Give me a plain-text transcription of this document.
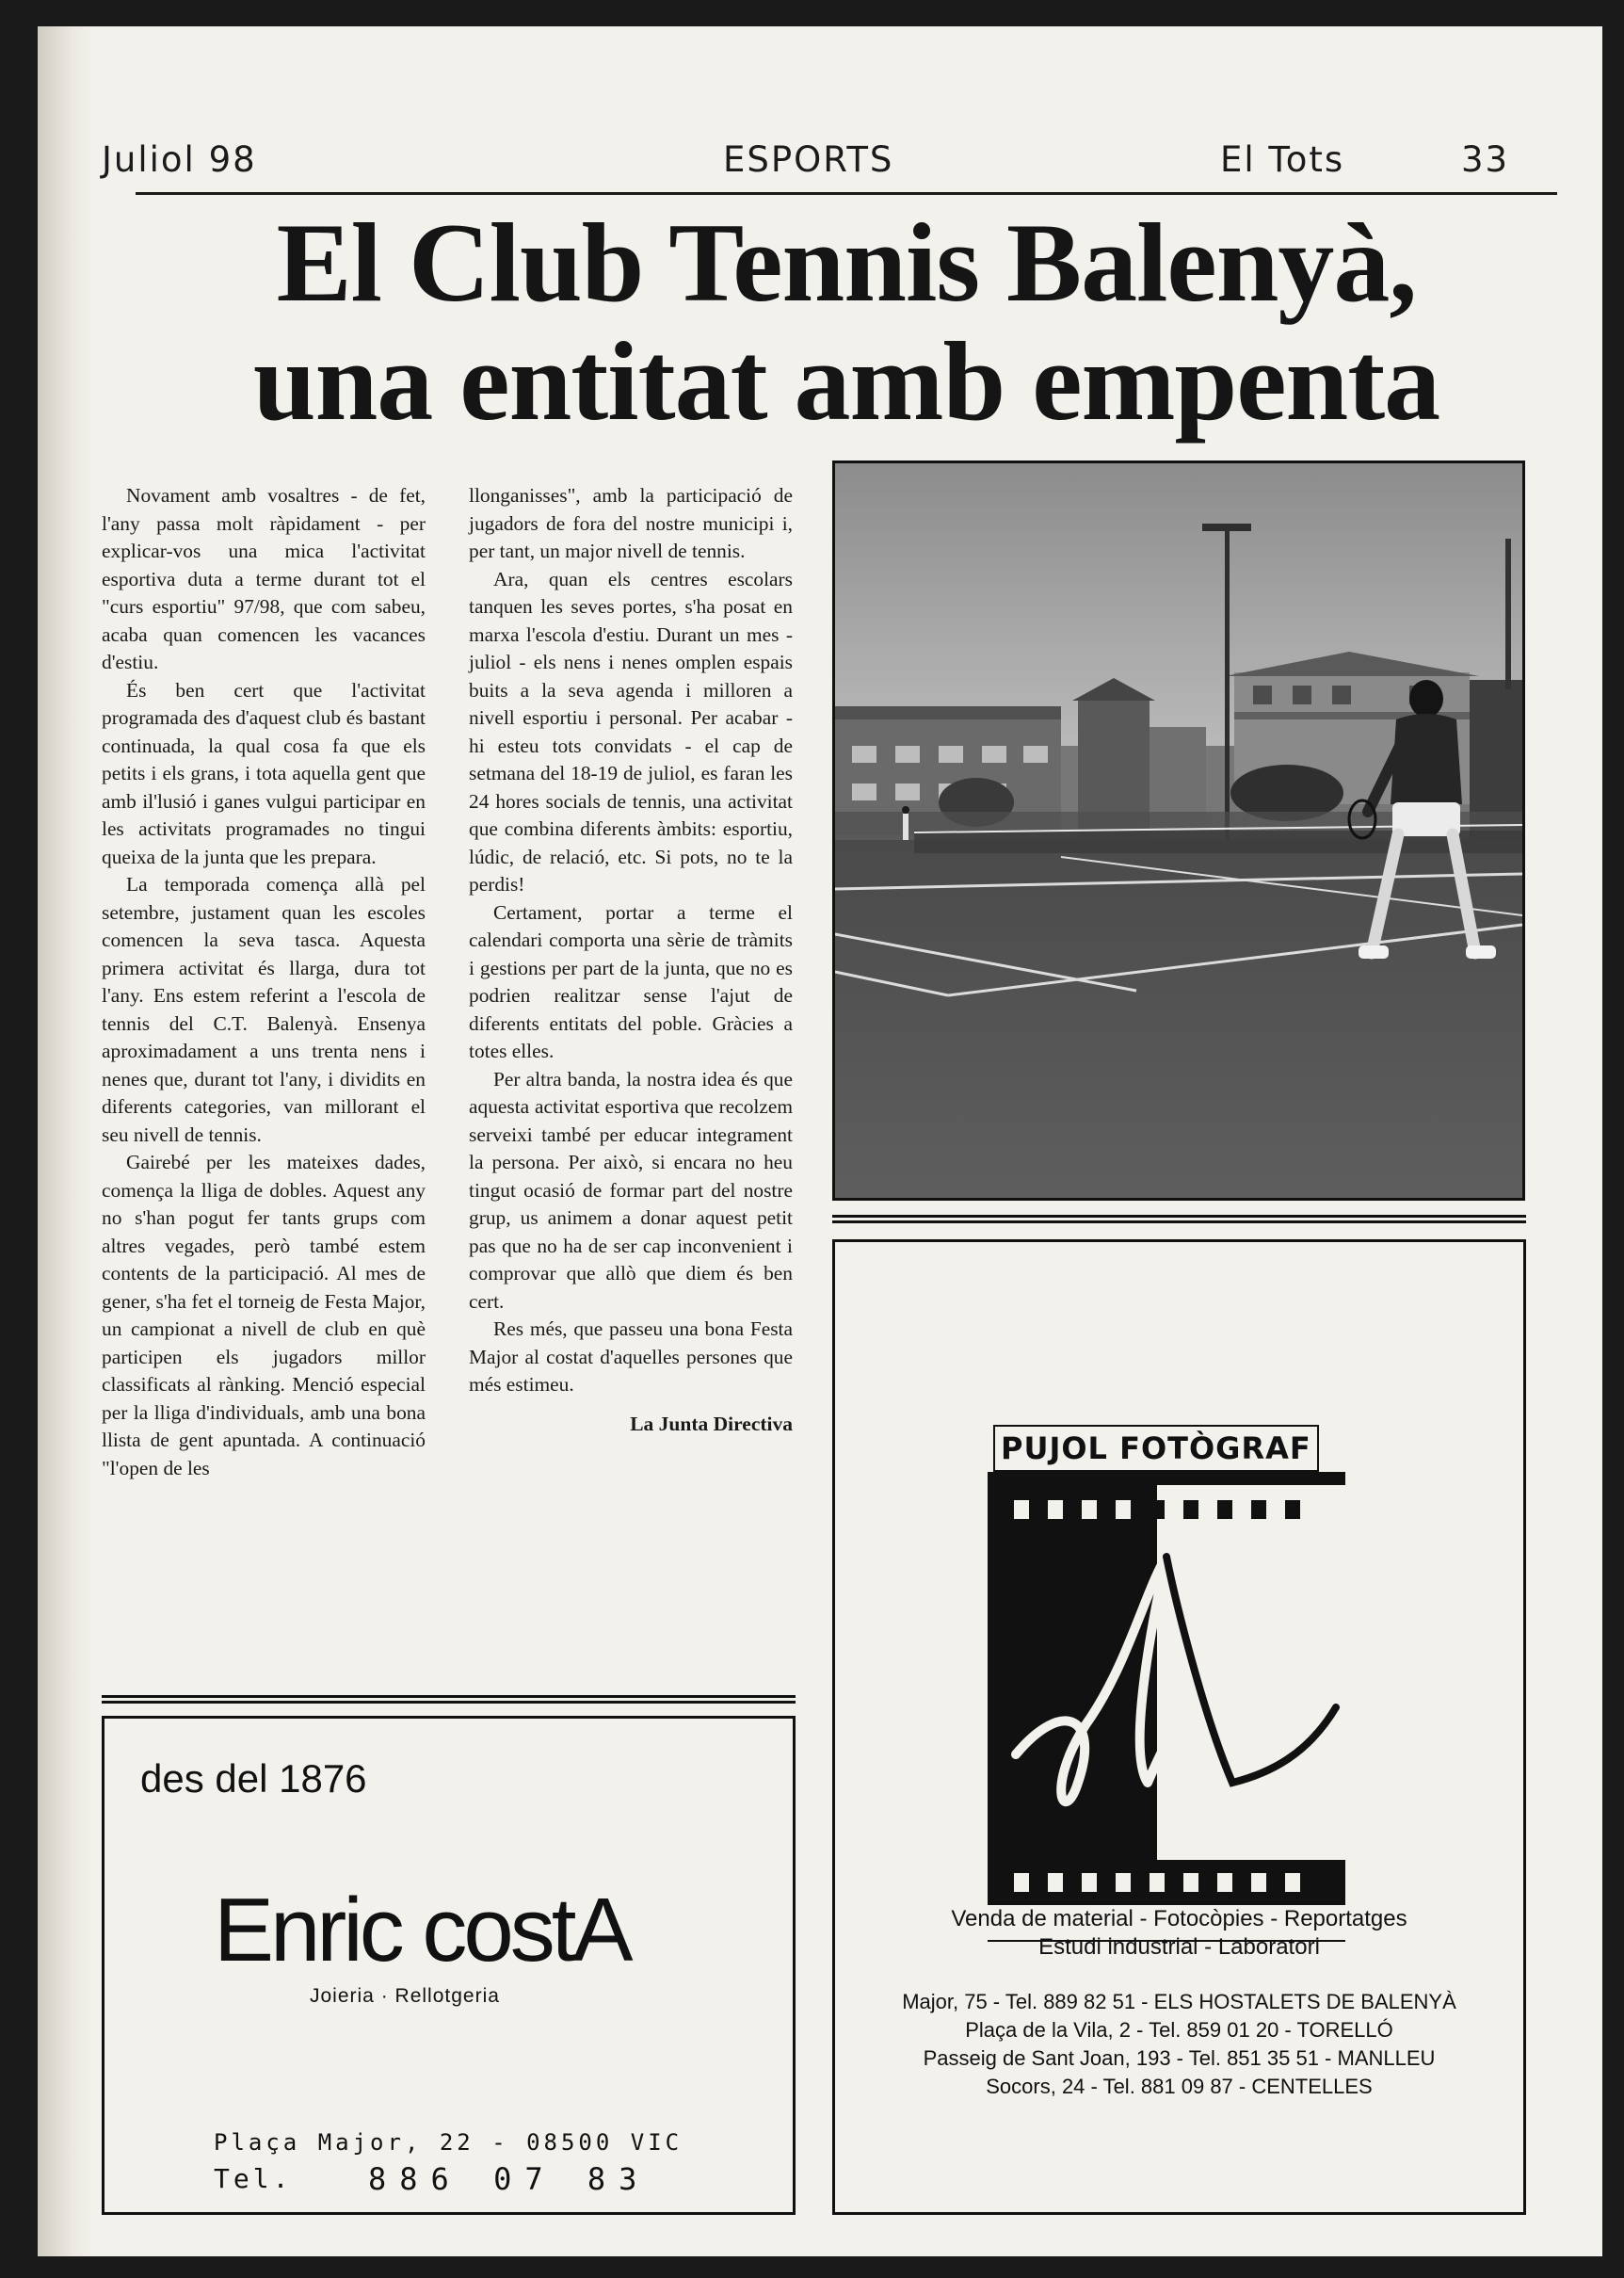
Juliol 98	ESPORTS	El Tots	33
El Club Tennis Balenyà,
una entitat amb empenta

Novament amb vosaltres - de fet, l'any passa molt ràpidament - per explicar-vos una mica l'activitat esportiva duta a terme durant tot el "curs esportiu" 97/98, que com sabeu, acaba quan comencen les vacances d'estiu.

És ben cert que l'activitat programada des d'aquest club és bastant continuada, la qual cosa fa que els petits i els grans, i tota aquella gent que amb il'lusió i ganes vulgui participar en les activitats programades no tingui queixa de la junta que les prepara.

La temporada comença allà pel setembre, justament quan les escoles comencen la seva tasca. Aquesta primera activitat és llarga, dura tot l'any. Ens estem referint a l'escola de tennis del C.T. Balenyà. Ensenya aproximadament a uns trenta nens i nenes que, durant tot l'any, i dividits en diferents categories, van millorant el seu nivell de tennis.

Gairebé per les mateixes dades, comença la lliga de dobles. Aquest any no s'han pogut fer tants grups com altres vegades, però també estem contents de la participació. Al mes de gener, s'ha fet el torneig de Festa Major, un campionat a nivell de club en què participen els jugadors millor classificats al rànking. Menció especial per la lliga d'individuals, amb una bona llista de gent apuntada. A continuació "l'open de les

llonganisses", amb la participació de jugadors de fora del nostre municipi i, per tant, un major nivell de tennis.

Ara, quan els centres escolars tanquen les seves portes, s'ha posat en marxa l'escola d'estiu. Durant un mes - juliol - els nens i nenes omplen espais buits a la seva agenda i milloren a nivell esportiu i personal. Per acabar - hi esteu tots convidats - el cap de setmana del 18-19 de juliol, es faran les 24 hores socials de tennis, una activitat que combina diferents àmbits: esportiu, lúdic, de relació, etc. Si pots, no te la perdis!

Certament, portar a terme el calendari comporta una sèrie de tràmits i gestions per part de la junta, que no es podrien realitzar sense l'ajut de diferents entitats del poble. Gràcies a totes elles.

Per altra banda, la nostra idea és que aquesta activitat esportiva que recolzem serveixi també per educar integrament la persona. Per això, si encara no heu tingut ocasió de formar part del nostre grup, us animem a donar aquest petit pas que no ha de ser cap inconvenient i comprovar que allò que diem és ben cert.

Res més, que passeu una bona Festa Major al costat d'aquelles persones que més estimeu.

La Junta Directiva
des del 1876
Enric costA
Joieria · Rellotgeria
Plaça Major, 22 - 08500 VIC
Tel.	886 07 83
PUJOL FOTÒGRAF
Venda de material - Fotocòpies - Reportatges
Estudi industrial - Laboratori
Major, 75 - Tel. 889 82 51 - ELS HOSTALETS DE BALENYÀ
Plaça de la Vila, 2 - Tel. 859 01 20 - TORELLÓ
Passeig de Sant Joan, 193 - Tel. 851 35 51 - MANLLEU
Socors, 24 - Tel. 881 09 87 - CENTELLES
